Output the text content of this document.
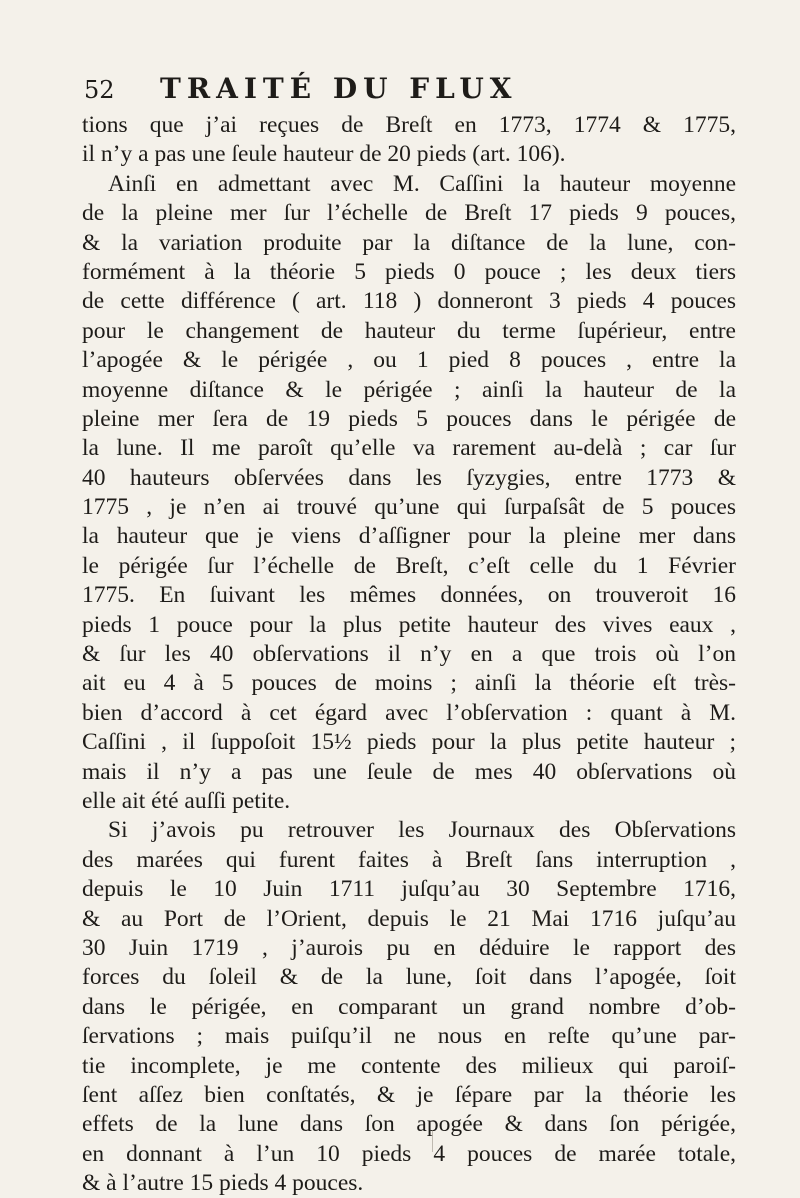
52 TRAITÉ DU FLUX
tions que j’ai reçues de Breſt en 1773, 1774 & 1775,
il n’y a pas une ſeule hauteur de 20 pieds (art. 106).
Ainſi en admettant avec M. Caſſini la hauteur moyenne
de la pleine mer ſur l’échelle de Breſt 17 pieds 9 pouces,
& la variation produite par la diſtance de la lune, con-
formément à la théorie 5 pieds 0 pouce ; les deux tiers
de cette différence ( art. 118 ) donneront 3 pieds 4 pouces
pour le changement de hauteur du terme ſupérieur, entre
l’apogée & le périgée , ou 1 pied 8 pouces , entre la
moyenne diſtance & le périgée ; ainſi la hauteur de la
pleine mer ſera de 19 pieds 5 pouces dans le périgée de
la lune. Il me paroît qu’elle va rarement au-delà ; car ſur
40 hauteurs obſervées dans les ſyzygies, entre 1773 &
1775 , je n’en ai trouvé qu’une qui ſurpaſsât de 5 pouces
la hauteur que je viens d’aſſigner pour la pleine mer dans
le périgée ſur l’échelle de Breſt, c’eſt celle du 1 Février
1775. En ſuivant les mêmes données, on trouveroit 16
pieds 1 pouce pour la plus petite hauteur des vives eaux ,
& ſur les 40 obſervations il n’y en a que trois où l’on
ait eu 4 à 5 pouces de moins ; ainſi la théorie eſt très-
bien d’accord à cet égard avec l’obſervation : quant à M.
Caſſini , il ſuppoſoit 15½ pieds pour la plus petite hauteur ;
mais il n’y a pas une ſeule de mes 40 obſervations où
elle ait été auſſi petite.
Si j’avois pu retrouver les Journaux des Obſervations
des marées qui furent faites à Breſt ſans interruption ,
depuis le 10 Juin 1711 juſqu’au 30 Septembre 1716,
& au Port de l’Orient, depuis le 21 Mai 1716 juſqu’au
30 Juin 1719 , j’aurois pu en déduire le rapport des
forces du ſoleil & de la lune, ſoit dans l’apogée, ſoit
dans le périgée, en comparant un grand nombre d’ob-
ſervations ; mais puiſqu’il ne nous en reſte qu’une par-
tie incomplete, je me contente des milieux qui paroiſ-
ſent aſſez bien conſtatés, & je ſépare par la théorie les
effets de la lune dans ſon apogée & dans ſon périgée,
en donnant à l’un 10 pieds 4 pouces de marée totale,
& à l’autre 15 pieds 4 pouces.
